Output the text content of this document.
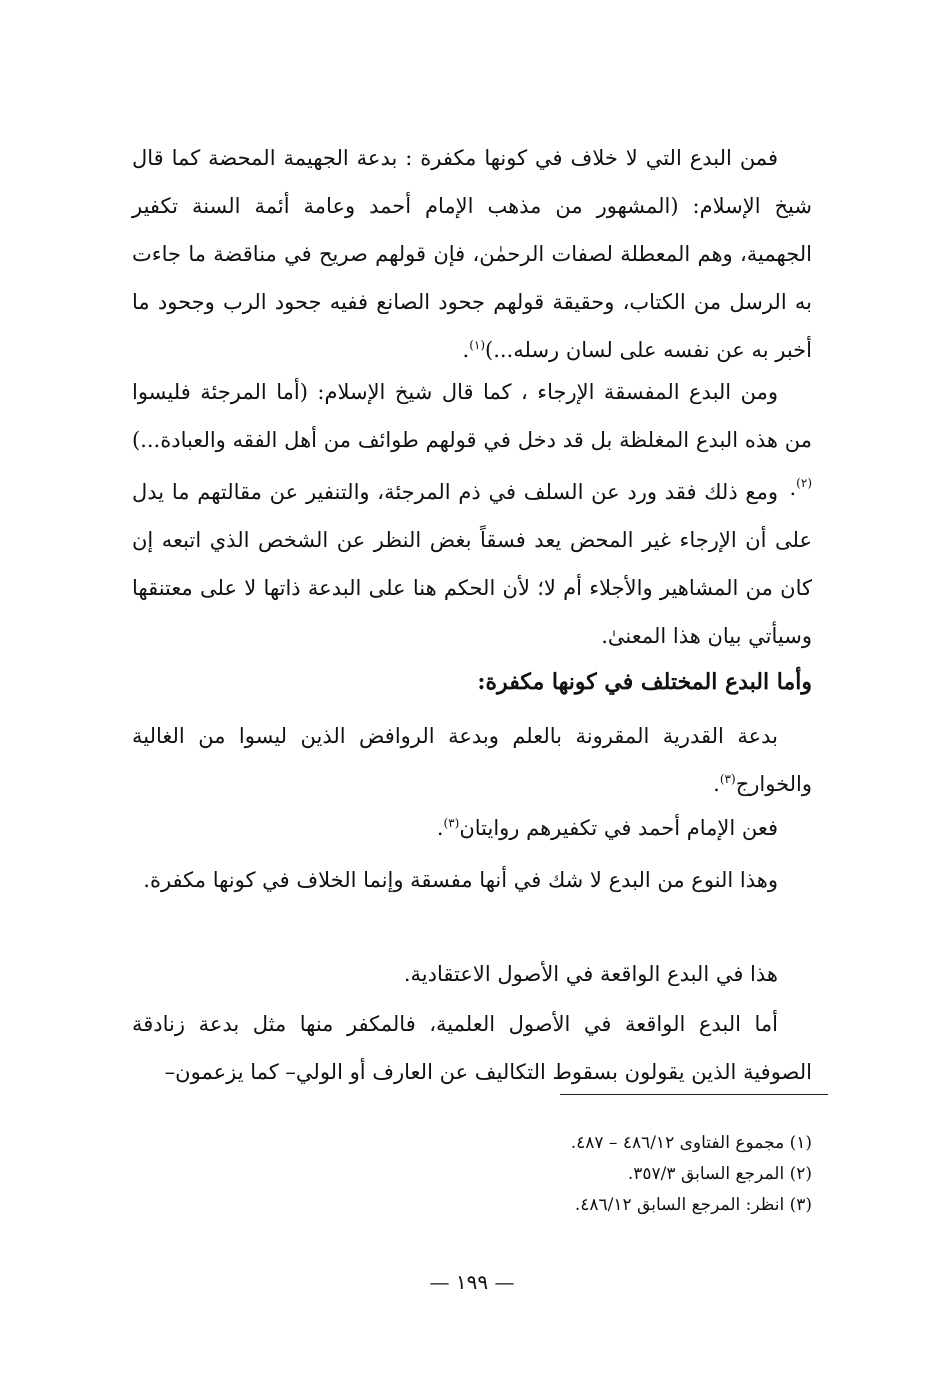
فمن البدع التي لا خلاف في كونها مكفرة : بدعة الجهيمة المحضة كما قال شيخ الإسلام: (المشهور من مذهب الإمام أحمد وعامة أئمة السنة تكفير الجهمية، وهم المعطلة لصفات الرحمٰن، فإن قولهم صريح في مناقضة ما جاءت به الرسل من الكتاب، وحقيقة قولهم جحود الصانع ففيه جحود الرب وجحود ما أخبر به عن نفسه على لسان رسله...)$^{(١)}$.

ومن البدع المفسقة الإرجاء ، كما قال شيخ الإسلام: (أما المرجئة فليسوا من هذه البدع المغلظة بل قد دخل في قولهم طوائف من أهل الفقه والعبادة...)$^{(٢)}$.

ومع ذلك فقد ورد عن السلف في ذم المرجئة، والتنفير عن مقالتهم ما يدل على أن الإرجاء غير المحض يعد فسقاً بغض النظر عن الشخص الذي اتبعه إن كان من المشاهير والأجلاء أم لا؛ لأن الحكم هنا على البدعة ذاتها لا على معتنقها وسيأتي بيان هذا المعنىٰ.

وأما البدع المختلف في كونها مكفرة:

بدعة القدرية المقرونة بالعلم وبدعة الروافض الذين ليسوا من الغالية والخوارج$^{(٣)}$.

فعن الإمام أحمد في تكفيرهم روايتان$^{(٣)}$.

وهذا النوع من البدع لا شك في أنها مفسقة وإنما الخلاف في كونها مكفرة.

هذا في البدع الواقعة في الأصول الاعتقادية.

أما البدع الواقعة في الأصول العلمية، فالمكفر منها مثل بدعة زنادقة الصوفية الذين يقولون بسقوط التكاليف عن العارف أو الولي– كما يزعمون–

(١) مجموع الفتاوى ٤٨٦/١٢ – ٤٨٧.

(٢) المرجع السابق ٣٥٧/٣.

(٣) انظر: المرجع السابق ٤٨٦/١٢.

— ١٩٩ —
